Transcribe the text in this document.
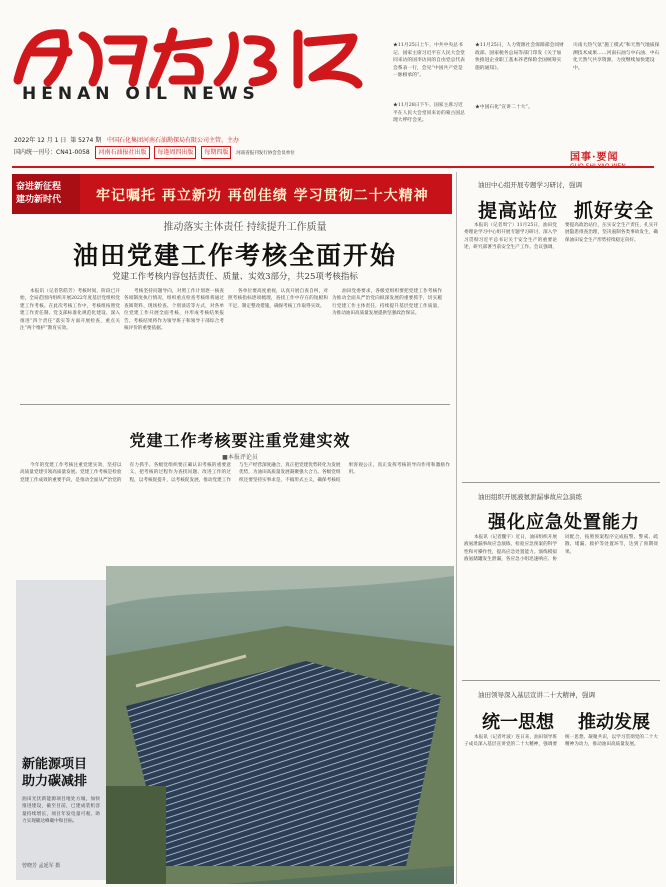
HENAN OIL NEWS
2022年 12 月 1 日 第 5274 期 中国石化集团河南石油勘探局有限公司主管、主办
国内统一刊号：CN41-0058 河南石油报社出版 每逢周四出版 每期四版 河南省报刊发行协会会员单位
★11月25日上午，中共中央总书记、国家主席习近平在人民大会堂同来访的国李访问的自由党总代表会系表一行，会见“中国共产党是一脉相承的”。
★11月28日下午，国家主席习近平在人民大会堂同来访的蒙古国总理大呼吁会见。
★11月25日，人力资源社会保障部会同财政部、国家税务总局等部门印发《关于加快推进企业职工基本养老保险全国统筹实施的通知》。
★中国石化“宣讲二十大”。
川南大热气氛“施工模式”和天然气地质探测技术成果……河南石油与中石油、中石化天然气共享资源，力度继续加快建设中。
国事·要闻
奋进新征程
建功新时代	牢记嘱托 再立新功 再创佳绩 学习贯彻二十大精神
推动落实主体责任 持续提升工作质量
油田党建工作考核全面开始
党建工作考核内容包括责任、质量、实效3部分，共25项考核指标

本报讯（记者常皓芳）考核时间，阶段已开始，全局范围内组织开展2022年度基层党组织党建工作考核。在此次考核工作中，考核组按照党建工作责任制、党支部标准化规范化建设、深入推进“四个责任”落实等方面开展检查，重点关注“两个维护”教育实效。

考核坚持问题导向，对照工作计划逐一核查各项制度执行情况，组织重点检查考核组将通过查阅资料、现场检查、个别谈话等方式，对各单位党建工作开展全面考核，并形成考核结果报告。考核结果将作为领导班子和领导干部综合考核评价的重要依据。

各单位要高度重视，认真开展自查自纠，对照考核指标逐项梳理，查找工作中存在的短板和不足，制定整改措施，确保考核工作取得实效。

油田党委要求，各级党组织要把党建工作考核作为推动全面从严治党向纵深发展的重要抓手，切实履行党建工作主体责任，持续提升基层党建工作质量，为推动油田高质量发展提供坚强政治保证。

党建工作考核要注重党建实效
■本报评论员

今年的党建工作考核注重党建实效，坚持以高质量党建引领高质量发展。党建工作考核是检验党建工作成效的重要手段，是推动全面从严治党的有力抓手。各级党组织要正确认识考核的重要意义，把考核的过程作为查找问题、改进工作的过程，以考核促提升，以考核促发展，推动党建工作与生产经营深度融合，真正把党建优势转化为发展优势，为油田高质量发展凝聚强大合力。各级党组织还要坚持实事求是，不搞形式主义，确保考核结果客观公正，真正发挥考核的导向作用和激励作用。

新能源项目
助力碳减排
油田光伏新能源项目地处方城，加快推进建设，截至目前，已建成装机容量持续增长，项目年发电量可观，助力实现碳达峰碳中和目标。
曾晓芳 孟延军 摄
油田中心组开展专题学习研讨，强调
提高站位 抓好安全

本报讯（记者周宁）11月25日，油田党委理论学习中心组开展专题学习研讨，深入学习贯彻习近平总书记关于安全生产的重要论述，研究部署当前安全生产工作。会议强调，要提高政治站位，压实安全生产责任，扎实开展隐患排查治理，坚决遏制各类事故发生，确保油田安全生产形势持续稳定向好。

油田组织开展液氨泄漏事故应急演练
强化应急处置能力

本报讯（记者魏宇）近日，油田组织开展液氨泄漏事故应急演练，检验应急预案的科学性和可操作性，提高应急处置能力。演练模拟液氨储罐发生泄漏，各应急小组迅速响应、协同配合，按照预案程序完成报警、警戒、疏散、堵漏、救护等处置环节，达到了预期效果。

油田领导深入基层宣讲二十大精神，强调
统一思想 推动发展

本报讯（记者叶波）连日来，油田领导班子成员深入基层宣讲党的二十大精神，强调要统一思想、凝聚共识，以学习贯彻党的二十大精神为动力，推动油田高质量发展。
